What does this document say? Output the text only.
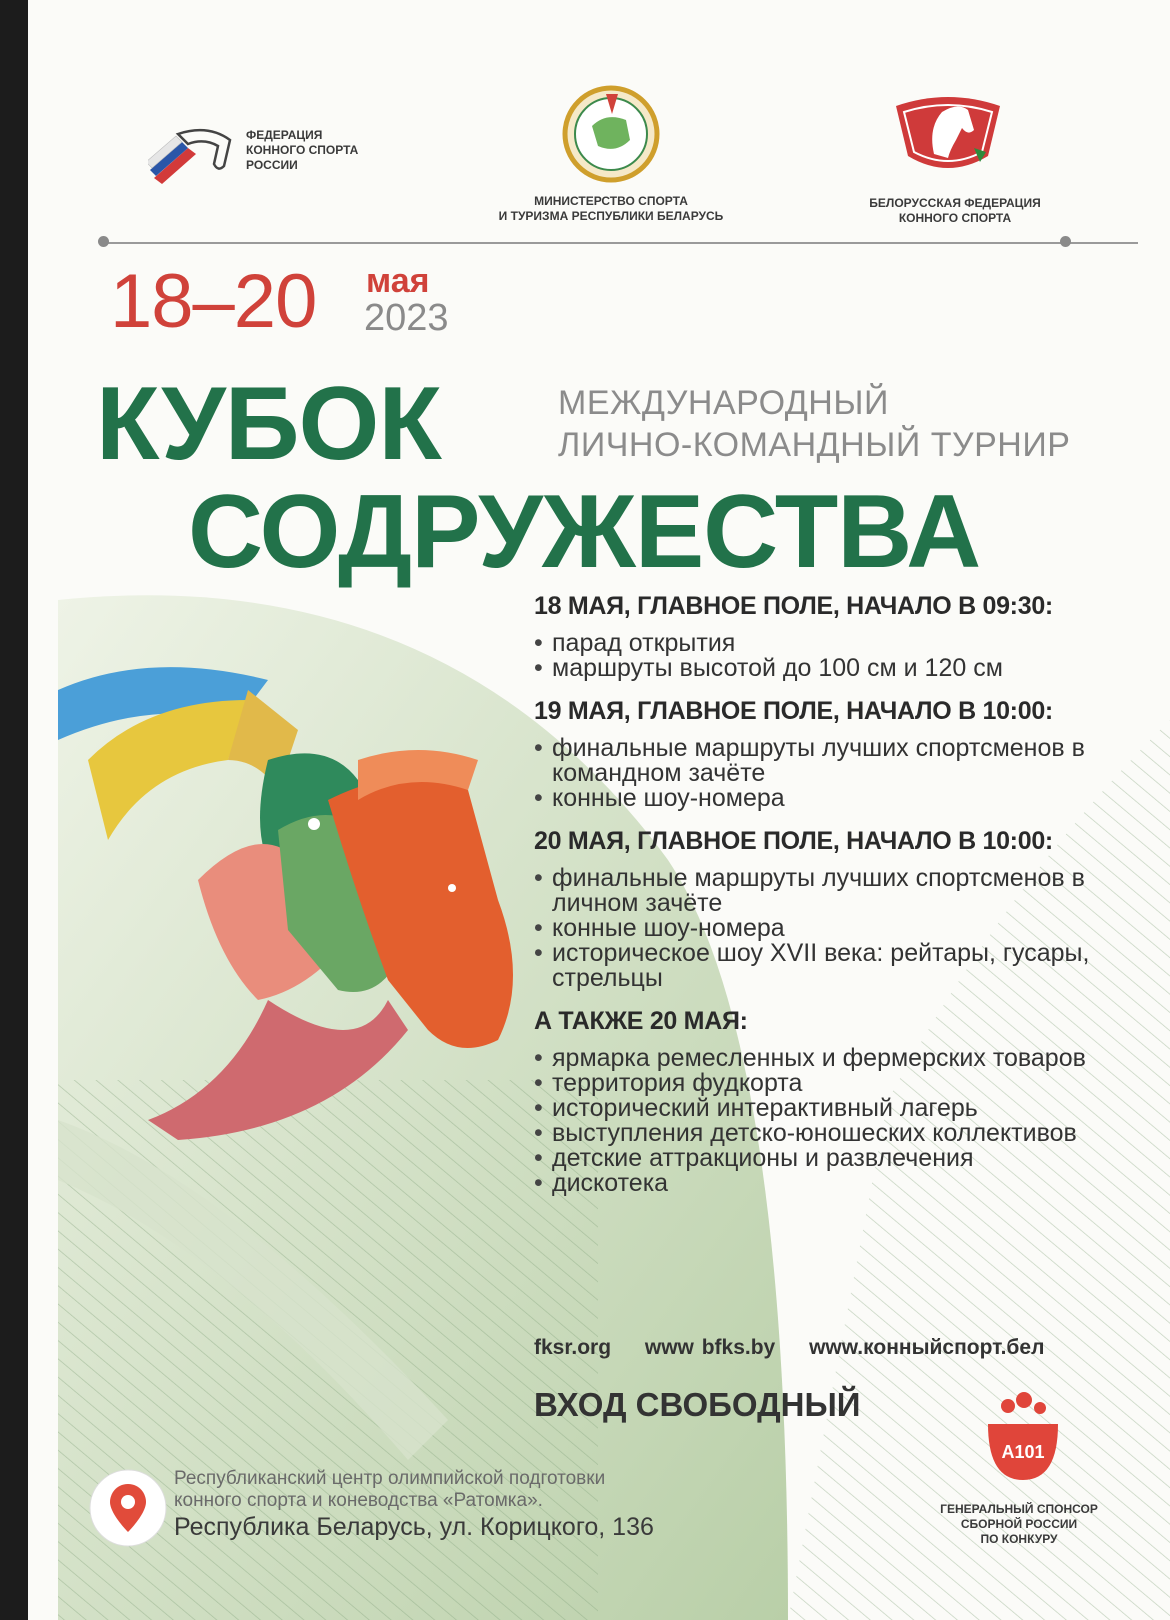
ФЕДЕРАЦИЯ
КОННОГО СПОРТА
РОССИИ
МИНИСТЕРСТВО СПОРТА
И ТУРИЗМА РЕСПУБЛИКИ БЕЛАРУСЬ
БЕЛОРУССКАЯ ФЕДЕРАЦИЯ
КОННОГО СПОРТА
18–20 мая
2023
КУБОК	МЕЖДУНАРОДНЫЙ
ЛИЧНО-КОМАНДНЫЙ ТУРНИР
СОДРУЖЕСТВА
18 МАЯ, ГЛАВНОЕ ПОЛЕ, НАЧАЛО В 09:30:
• парад открытия
• маршруты высотой до 100 см и 120 см
19 МАЯ, ГЛАВНОЕ ПОЛЕ, НАЧАЛО В 10:00:
• финальные маршруты лучших спортсменов в командном зачёте
• конные шоу-номера
20 МАЯ, ГЛАВНОЕ ПОЛЕ, НАЧАЛО В 10:00:
• финальные маршруты лучших спортсменов в личном зачёте
• конные шоу-номера
• историческое шоу XVII века: рейтары, гусары, стрельцы
А ТАКЖЕ 20 МАЯ:
• ярмарка ремесленных и фермерских товаров
• территория фудкорта
• исторический интерактивный лагерь
• выступления детско-юношеских коллективов
• детские аттракционы и развлечения
• дискотека
fksr.org www bfks.by www.конныйспорт.бел
ВХОД СВОБОДНЫЙ
Республиканский центр олимпийской подготовки
конного спорта и коневодства «Ратомка».
Республика Беларусь, ул. Корицкого, 136
A101
ГЕНЕРАЛЬНЫЙ СПОНСОР
СБОРНОЙ РОССИИ
ПО КОНКУРУ
